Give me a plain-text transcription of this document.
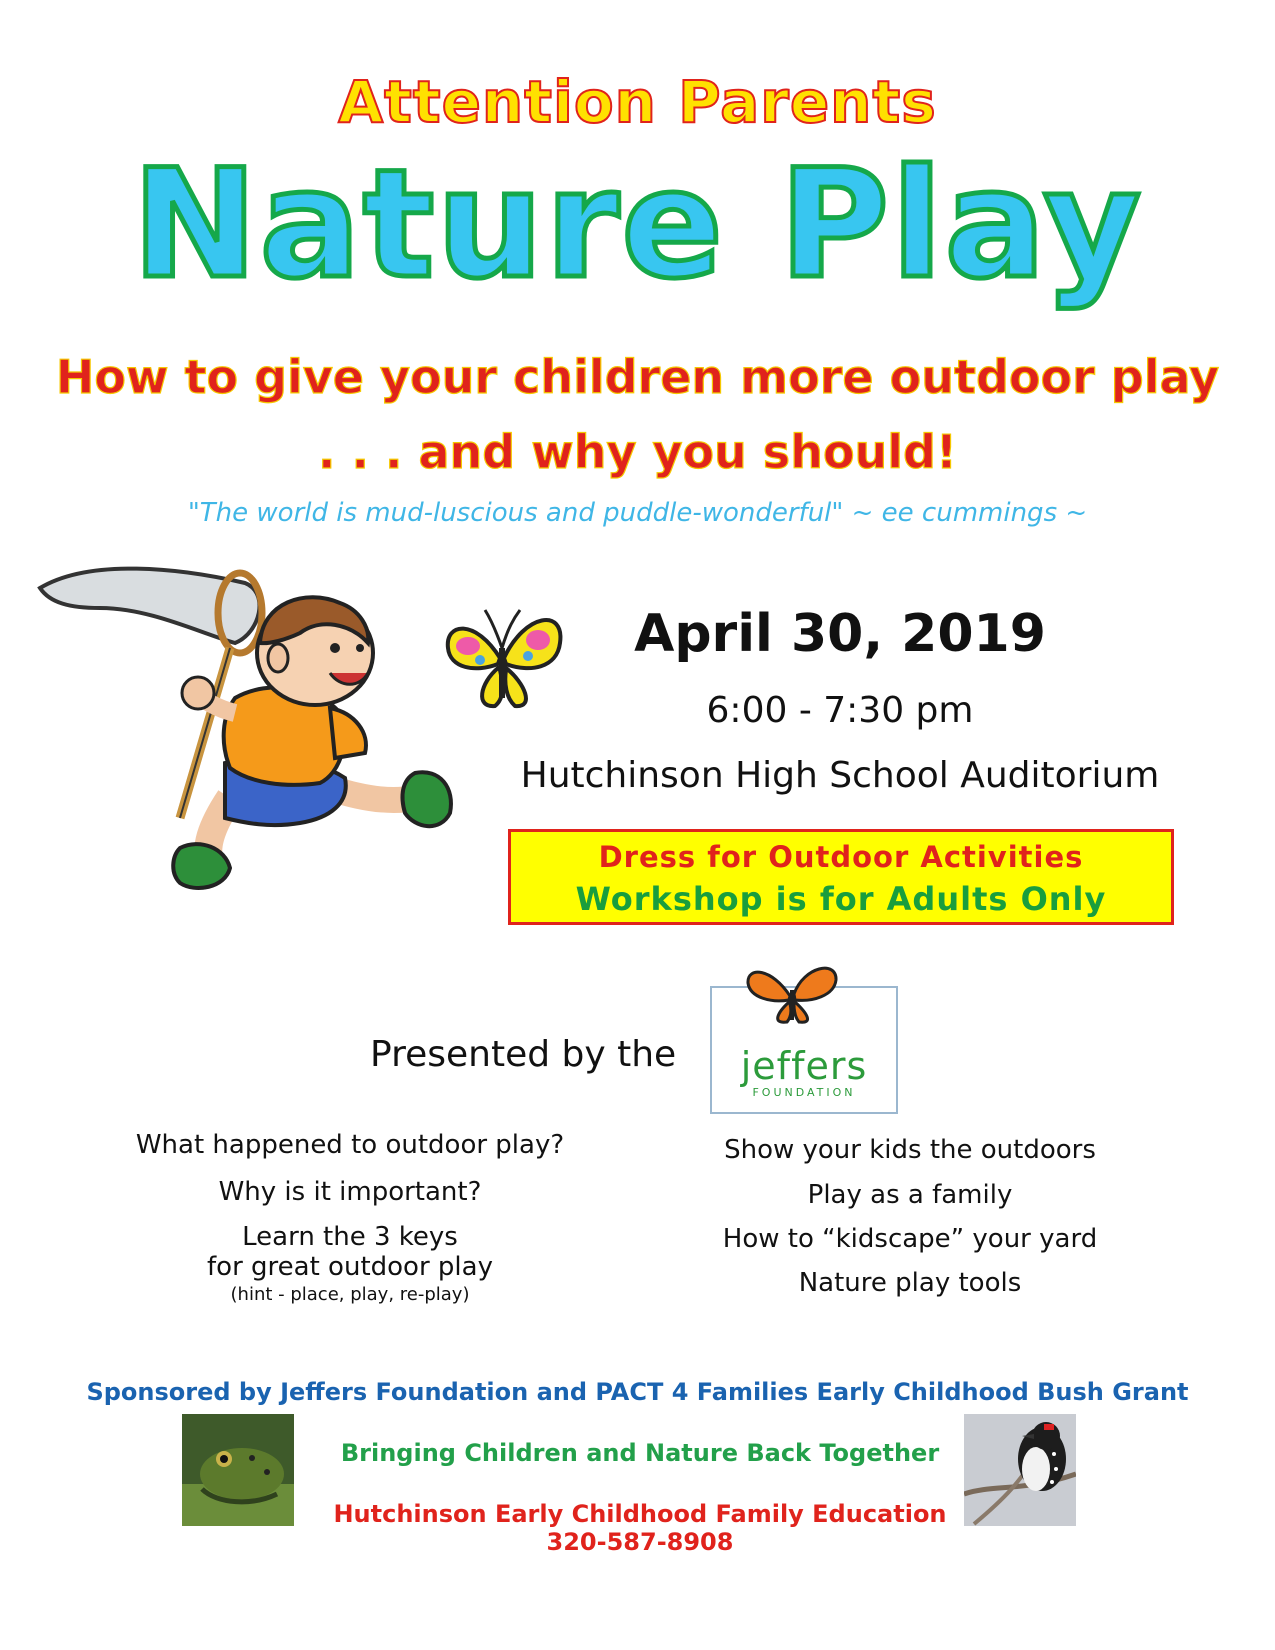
Attention Parents
Nature Play
How to give your children more outdoor play
. . . and why you should!
"The world is mud-luscious and puddle-wonderful" ~ ee cummings ~
April 30, 2019
6:00 - 7:30 pm
Hutchinson High School Auditorium
Dress for Outdoor Activities
Workshop is for Adults Only
Presented by the	jeffers
FOUNDATION
What happened to outdoor play?
Why is it important?
Learn the 3 keys
for great outdoor play
(hint - place, play, re-play)
Show your kids the outdoors
Play as a family
How to “kidscape” your yard
Nature play tools
Sponsored by Jeffers Foundation and PACT 4 Families Early Childhood Bush Grant
Bringing Children and Nature Back Together
Hutchinson Early Childhood Family Education
320-587-8908
